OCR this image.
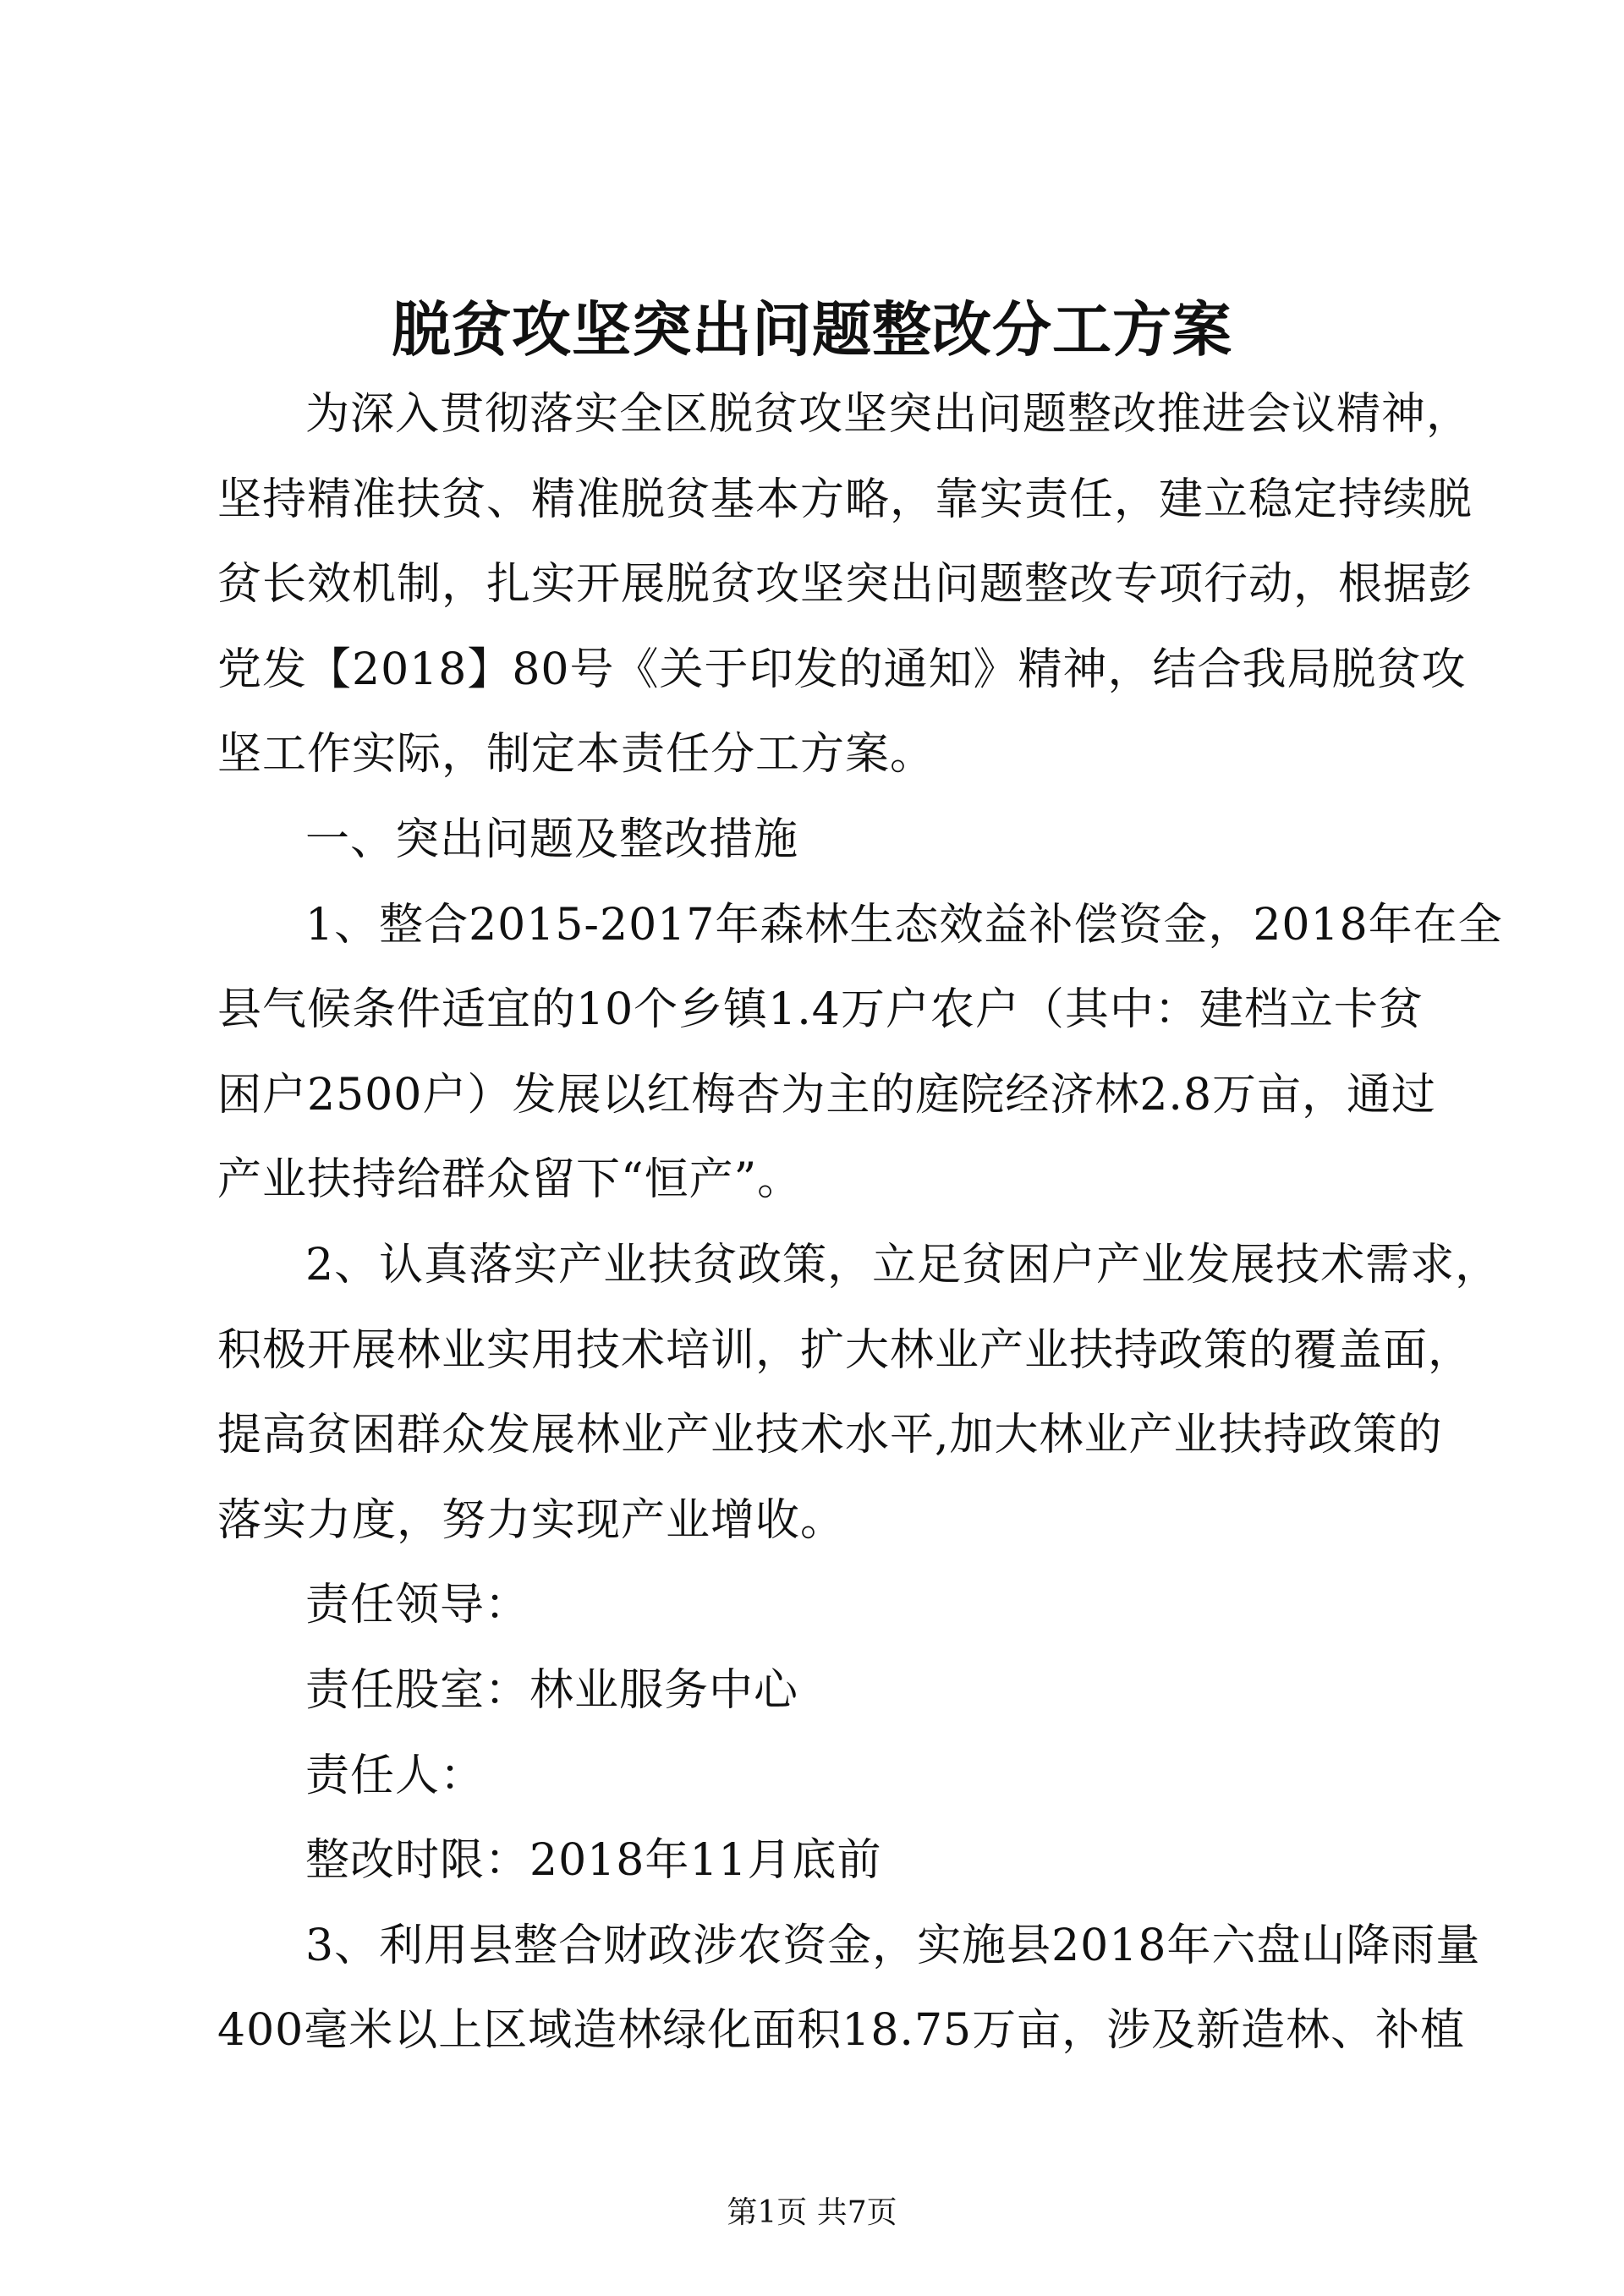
脱贫攻坚突出问题整改分工方案
为深入贯彻落实全区脱贫攻坚突出问题整改推进会议精神，
坚持精准扶贫、精准脱贫基本方略，靠实责任，建立稳定持续脱
贫长效机制，扎实开展脱贫攻坚突出问题整改专项行动，根据彭
党发【2018】80号《关于印发的通知》精神，结合我局脱贫攻
坚工作实际，制定本责任分工方案。
一、突出问题及整改措施
1、整合2015-2017年森林生态效益补偿资金，2018年在全
县气候条件适宜的10个乡镇1.4万户农户（其中：建档立卡贫
困户2500户）发展以红梅杏为主的庭院经济林2.8万亩，通过
产业扶持给群众留下“恒产”。
2、认真落实产业扶贫政策，立足贫困户产业发展技术需求，
积极开展林业实用技术培训，扩大林业产业扶持政策的覆盖面，
提高贫困群众发展林业产业技术水平,加大林业产业扶持政策的
落实力度，努力实现产业增收。
责任领导：
责任股室：林业服务中心
责任人：
整改时限：2018年11月底前
3、利用县整合财政涉农资金，实施县2018年六盘山降雨量
400毫米以上区域造林绿化面积18.75万亩，涉及新造林、补植
第1页 共7页
